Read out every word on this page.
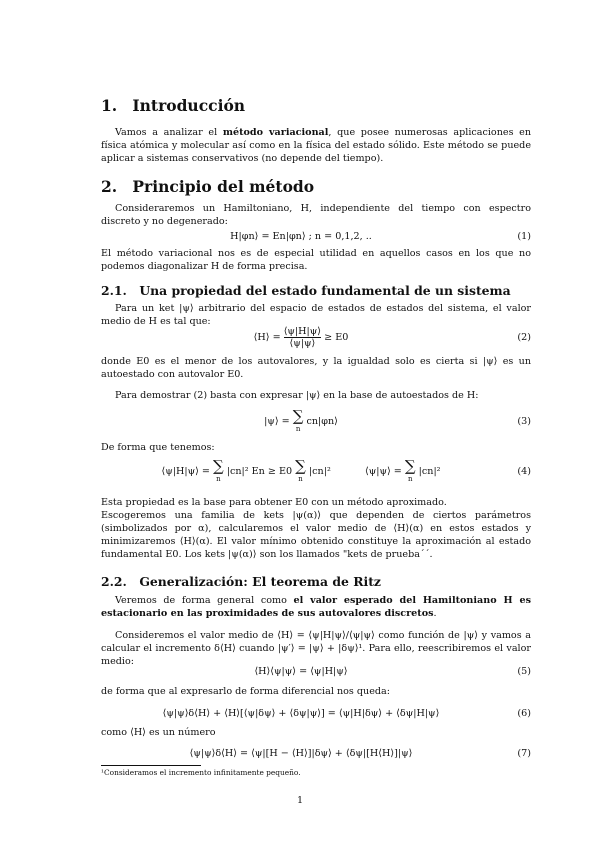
1. Introducción

Vamos a analizar el método variacional, que posee numerosas aplicaciones en física atómica y molecular así como en la física del estado sólido. Este método se puede aplicar a sistemas conservativos (no depende del tiempo).

2. Principio del método

Consideraremos un Hamiltoniano, H, independiente del tiempo con espectro discreto y no degenerado:

H|φn⟩ = En|φn⟩ ; n = 0,1,2, ..	(1)

El método variacional nos es de especial utilidad en aquellos casos en los que no podemos diagonalizar H de forma precisa.

2.1. Una propiedad del estado fundamental de un sistema

Para un ket |ψ⟩ arbitrario del espacio de estados de estados del sistema, el valor medio de H es tal que:

⟨H⟩ = $\frac{⟨\psi|H|\psi⟩}{⟨\psi|\psi⟩} \ge E0$	(2)

donde E0 es el menor de los autovalores, y la igualdad solo es cierta si |ψ⟩ es un autoestado con autovalor E0.

Para demostrar (2) basta con expresar |ψ⟩ en la base de autoestados de H:

|ψ⟩ = ∑
n
cn|φn⟩	(3)

De forma que tenemos:

⟨ψ|H|ψ⟩ = ∑
n
|cn|² En ≥ E0 ∑
n
|cn|²	⟨ψ|ψ⟩ = ∑
n
|cn|²	(4)

Esta propiedad es la base para obtener E0 con un método aproximado.

Escogeremos una familia de kets |ψ(α)⟩ que dependen de ciertos parámetros (simbolizados por α), calcularemos el valor medio de ⟨H⟩(α) en estos estados y minimizaremos ⟨H⟩(α). El valor mínimo obtenido constituye la aproximación al estado fundamental E0. Los kets |ψ(α)⟩ son los llamados "kets de prueba´´.

2.2. Generalización: El teorema de Ritz

Veremos de forma general como el valor esperado del Hamiltoniano H es estacionario en las proximidades de sus autovalores discretos.

Consideremos el valor medio de ⟨H⟩ = ⟨ψ|H|ψ⟩/⟨ψ|ψ⟩ como función de |ψ⟩ y vamos a calcular el incremento δ⟨H⟩ cuando |ψ′⟩ = |ψ⟩ + |δψ⟩¹. Para ello, reescribiremos el valor medio:

⟨H⟩⟨ψ|ψ⟩ = ⟨ψ|H|ψ⟩	(5)

de forma que al expresarlo de forma diferencial nos queda:

⟨ψ|ψ⟩δ⟨H⟩ + ⟨H⟩[⟨ψ|δψ⟩ + ⟨δψ|ψ⟩] = ⟨ψ|H|δψ⟩ + ⟨δψ|H|ψ⟩	(6)

como ⟨H⟩ es un número

⟨ψ|ψ⟩δ⟨H⟩ = ⟨ψ|[H − ⟨H⟩]|δψ⟩ + ⟨δψ|[H⟨H⟩]|ψ⟩	(7)
¹Consideramos el incremento infinitamente pequeño.
1
